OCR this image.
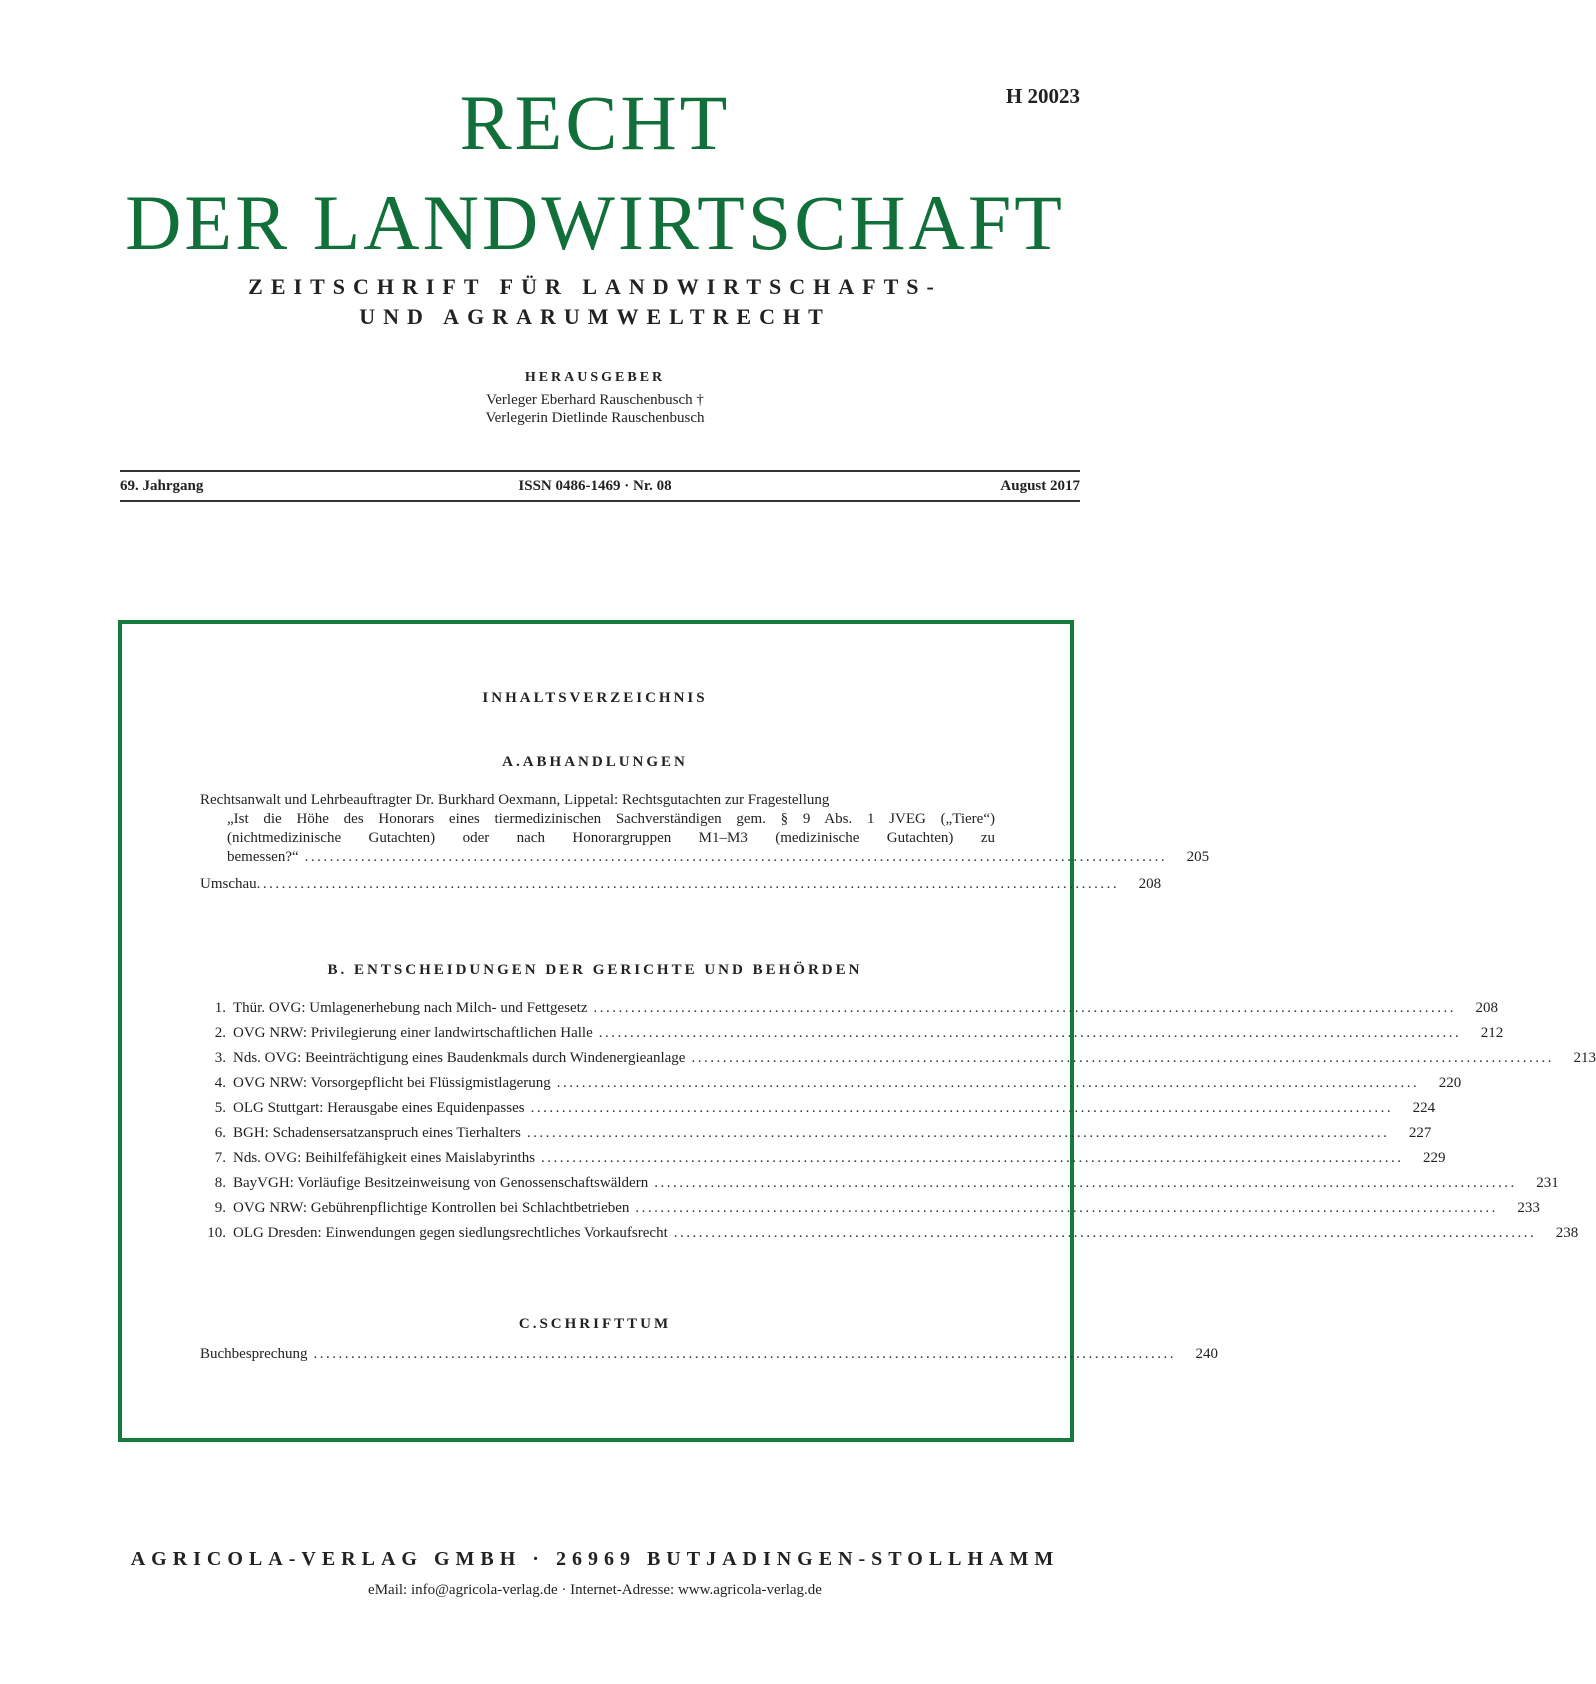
H 20023
RECHT
DER LANDWIRTSCHAFT
ZEITSCHRIFT FÜR LANDWIRTSCHAFTS-
UND AGRARUMWELTRECHT
HERAUSGEBER
Verleger Eberhard Rauschenbusch †
Verlegerin Dietlinde Rauschenbusch
69. Jahrgang	ISSN 0486-1469 · Nr. 08	August 2017
INHALTSVERZEICHNIS
A.ABHANDLUNGEN
Rechtsanwalt und Lehrbeauftragter Dr. Burkhard Oexmann, Lippetal: Rechtsgutachten zur Fragestellung
„Ist die Höhe des Honorars eines tiermedizinischen Sachverständigen gem. § 9 Abs. 1 JVEG („Tiere“)
(nichtmedizinische Gutachten) oder nach Honorargruppen M1–M3 (medizinische Gutachten) zu
bemessen?“ ..........................................................................................................................................	205
Umschau ..........................................................................................................................................	208
B. ENTSCHEIDUNGEN DER GERICHTE UND BEHÖRDEN
1. Thür. OVG: Umlagenerhebung nach Milch- und Fettgesetz ..........................................................................................................................................	208
2. OVG NRW: Privilegierung einer landwirtschaftlichen Halle ..........................................................................................................................................	212
3. Nds. OVG: Beeinträchtigung eines Baudenkmals durch Windenergieanlage ..........................................................................................................................................	213
4. OVG NRW: Vorsorgepflicht bei Flüssigmistlagerung ..........................................................................................................................................	220
5. OLG Stuttgart: Herausgabe eines Equidenpasses ..........................................................................................................................................	224
6. BGH: Schadensersatzanspruch eines Tierhalters ..........................................................................................................................................	227
7. Nds. OVG: Beihilfefähigkeit eines Maislabyrinths ..........................................................................................................................................	229
8. BayVGH: Vorläufige Besitzeinweisung von Genossenschaftswäldern ..........................................................................................................................................	231
9. OVG NRW: Gebührenpflichtige Kontrollen bei Schlachtbetrieben ..........................................................................................................................................	233
10. OLG Dresden: Einwendungen gegen siedlungsrechtliches Vorkaufsrecht ..........................................................................................................................................	238
C.SCHRIFTTUM
Buchbesprechung ..........................................................................................................................................	240
AGRICOLA-VERLAG GMBH · 26969 BUTJADINGEN-STOLLHAMM
eMail: info@agricola-verlag.de · Internet-Adresse: www.agricola-verlag.de
